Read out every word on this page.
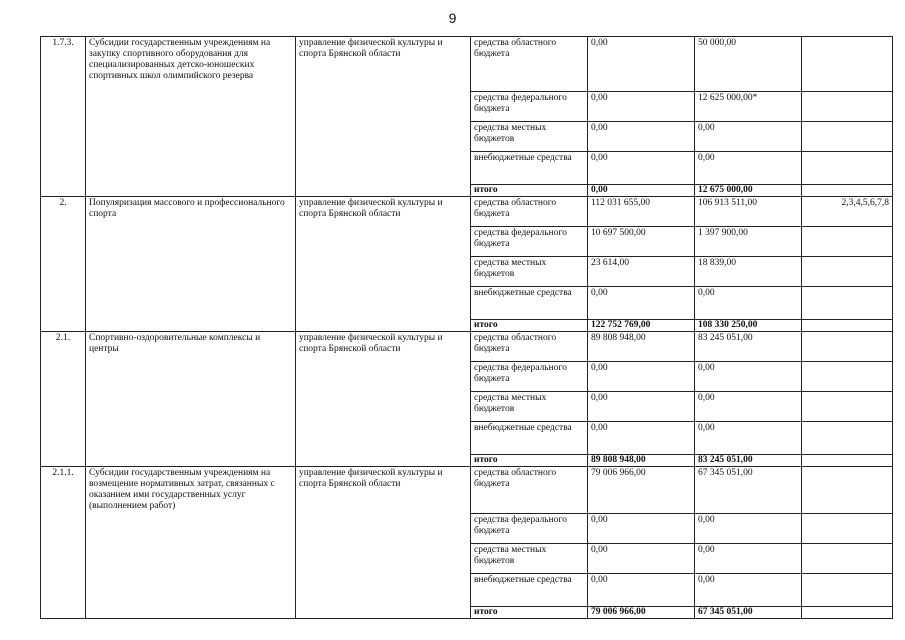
9
1.7.3.	Субсидии государственным учреждениям на закупку спортивного оборудования для специализированных детско-юношеских спортивных школ олимпийского резерва	управление физической культуры и спорта Брянской области	средства областного бюджета	0,00	50 000,00	
			средства федерального бюджета	0,00	12 625 000,00*	
			средства местных бюджетов	0,00	0,00	
			внебюджетные средства	0,00	0,00	
			итого	0,00	12 675 000,00	
2.	Популяризация массового и профессионального спорта	управление физической культуры и спорта Брянской области	средства областного бюджета	112 031 655,00	106 913 511,00	2,3,4,5,6,7,8
			средства федерального бюджета	10 697 500,00	1 397 900,00	
			средства местных бюджетов	23 614,00	18 839,00	
			внебюджетные средства	0,00	0,00	
			итого	122 752 769,00	108 330 250,00	
2.1.	Спортивно-оздоровительные комплексы и центры	управление физической культуры и спорта Брянской области	средства областного бюджета	89 808 948,00	83 245 051,00	
			средства федерального бюджета	0,00	0,00	
			средства местных бюджетов	0,00	0,00	
			внебюджетные средства	0,00	0,00	
			итого	89 808 948,00	83 245 051,00	
2.1.1.	Субсидии государственным учреждениям на возмещение нормативных затрат, связанных с оказанием ими государственных услуг (выполнением работ)	управление физической культуры и спорта Брянской области	средства областного бюджета	79 006 966,00	67 345 051,00	
			средства федерального бюджета	0,00	0,00	
			средства местных бюджетов	0,00	0,00	
			внебюджетные средства	0,00	0,00	
			итого	79 006 966,00	67 345 051,00	
